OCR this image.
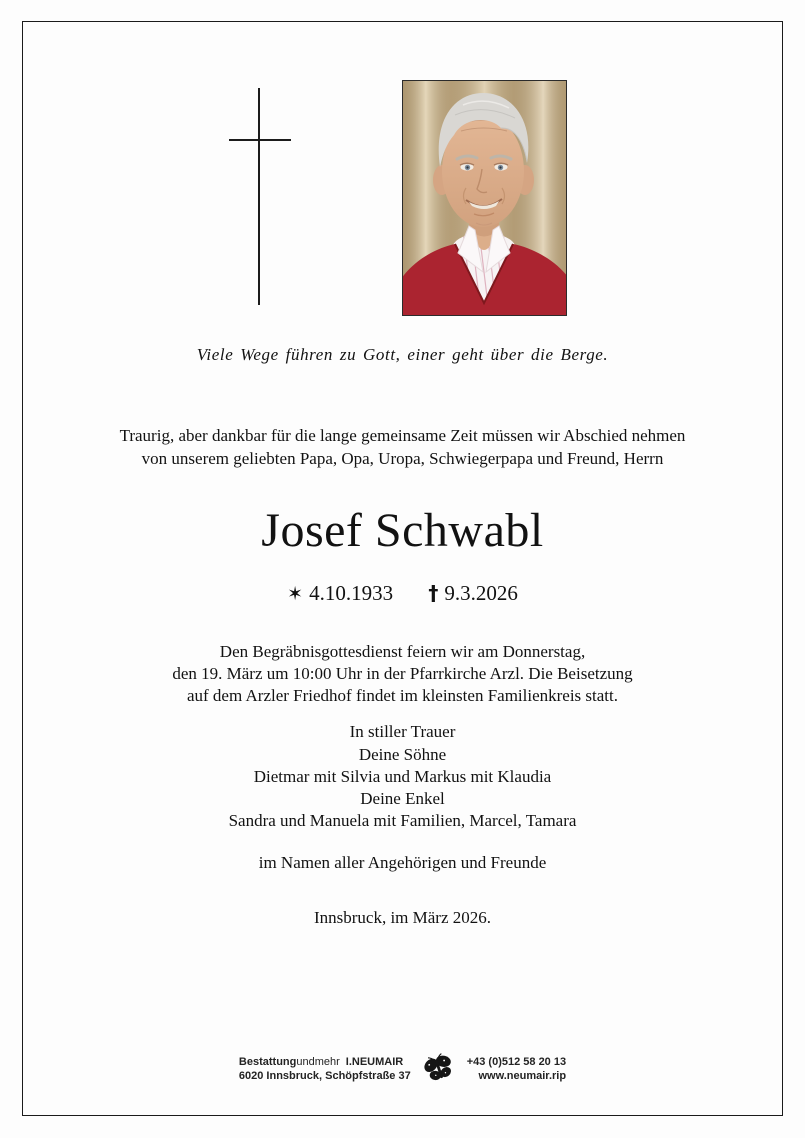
Viele Wege führen zu Gott, einer geht über die Berge.
Traurig, aber dankbar für die lange gemeinsame Zeit müssen wir Abschied nehmen
von unserem geliebten Papa, Opa, Uropa, Schwiegerpapa und Freund, Herrn
Josef Schwabl
✶ 4.10.1933 † 9.3.2026
Den Begräbnisgottesdienst feiern wir am Donnerstag,
den 19. März um 10:00 Uhr in der Pfarrkirche Arzl. Die Beisetzung
auf dem Arzler Friedhof findet im kleinsten Familienkreis statt.
In stiller Trauer
Deine Söhne
Dietmar mit Silvia und Markus mit Klaudia
Deine Enkel
Sandra und Manuela mit Familien, Marcel, Tamara
im Namen aller Angehörigen und Freunde
Innsbruck, im März 2026.
Bestattungundmehr I.NEUMAIR
6020 Innsbruck, Schöpfstraße 37
+43 (0)512 58 20 13
www.neumair.rip
